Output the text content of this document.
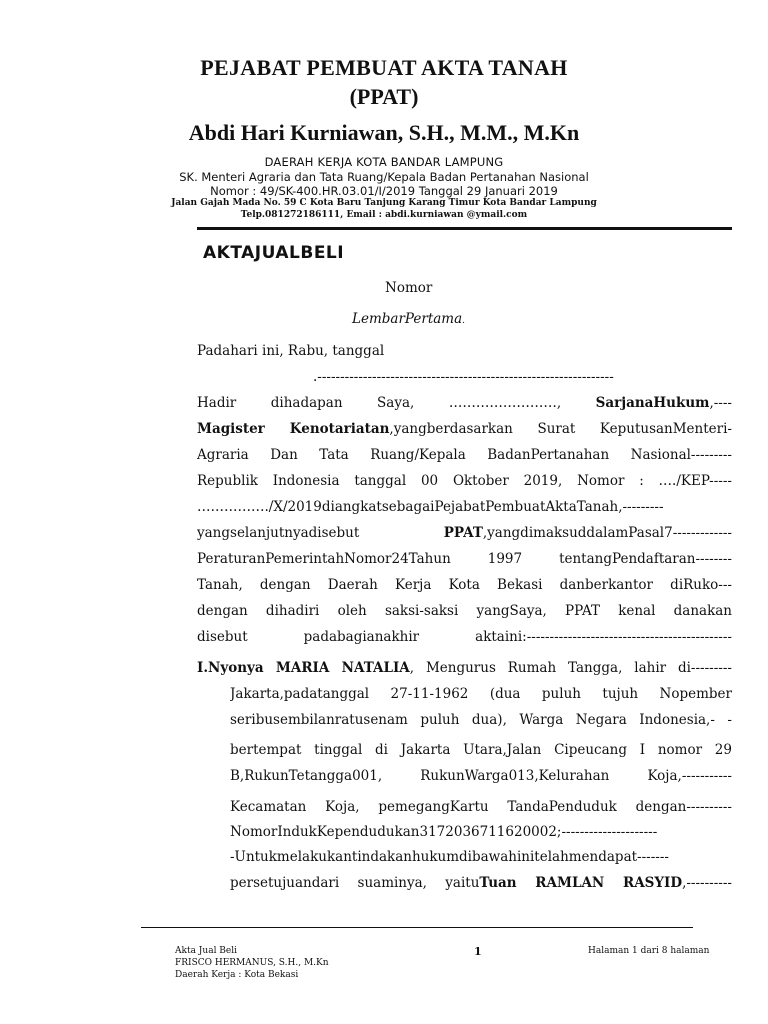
PEJABAT PEMBUAT AKTA TANAH
(PPAT)
Abdi Hari Kurniawan, S.H., M.M., M.Kn
DAERAH KERJA KOTA BANDAR LAMPUNG
SK. Menteri Agraria dan Tata Ruang/Kepala Badan Pertanahan Nasional
Nomor : 49/SK-400.HR.03.01/I/2019 Tanggal 29 Januari 2019
Jalan Gajah Mada No. 59 C Kota Baru Tanjung Karang Timur Kota Bandar Lampung
Telp.081272186111, Email : abdi.kurniawan @ymail.com
AKTAJUALBELI
Nomor
LembarPertama.
Padahari ini, Rabu, tanggal
.-----------------------------------------------------------------
Hadir dihadapan Saya, ……………………, SarjanaHukum,----
Magister Kenotariatan,yangberdasarkan Surat KeputusanMenteri-
Agraria Dan Tata Ruang/Kepala BadanPertanahan Nasional---------
Republik Indonesia tanggal 00 Oktober 2019, Nomor : …./KEP-----
……………./X/2019diangkatsebagaiPejabatPembuatAktaTanah,---------
yangselanjutnyadisebut PPAT,yangdimaksuddalamPasal7-------------
PeraturanPemerintahNomor24Tahun 1997 tentangPendaftaran--------
Tanah, dengan Daerah Kerja Kota Bekasi danberkantor diRuko---
dengan dihadiri oleh saksi-saksi yangSaya, PPAT kenal danakan
disebut padabagianakhir aktaini:---------------------------------------------
I.Nyonya MARIA NATALIA, Mengurus Rumah Tangga, lahir di---------
Jakarta,padatanggal 27-11-1962 (dua puluh tujuh Nopember
seribusembilanratusenam puluh dua), Warga Negara Indonesia,- -
bertempat tinggal di Jakarta Utara,Jalan Cipeucang I nomor 29
B,RukunTetangga001, RukunWarga013,Kelurahan Koja,-----------
Kecamatan Koja, pemegangKartu TandaPenduduk dengan----------
NomorIndukKependudukan3172036711620002;---------------------
-Untukmelakukantindakanhukumdibawahinitelahmendapat-------
persetujuandari suaminya, yaituTuan RAMLAN RASYID,----------
Akta Jual Beli
FRISCO HERMANUS, S.H., M.Kn
Daerah Kerja : Kota Bekasi
1	Halaman 1 dari 8 halaman
